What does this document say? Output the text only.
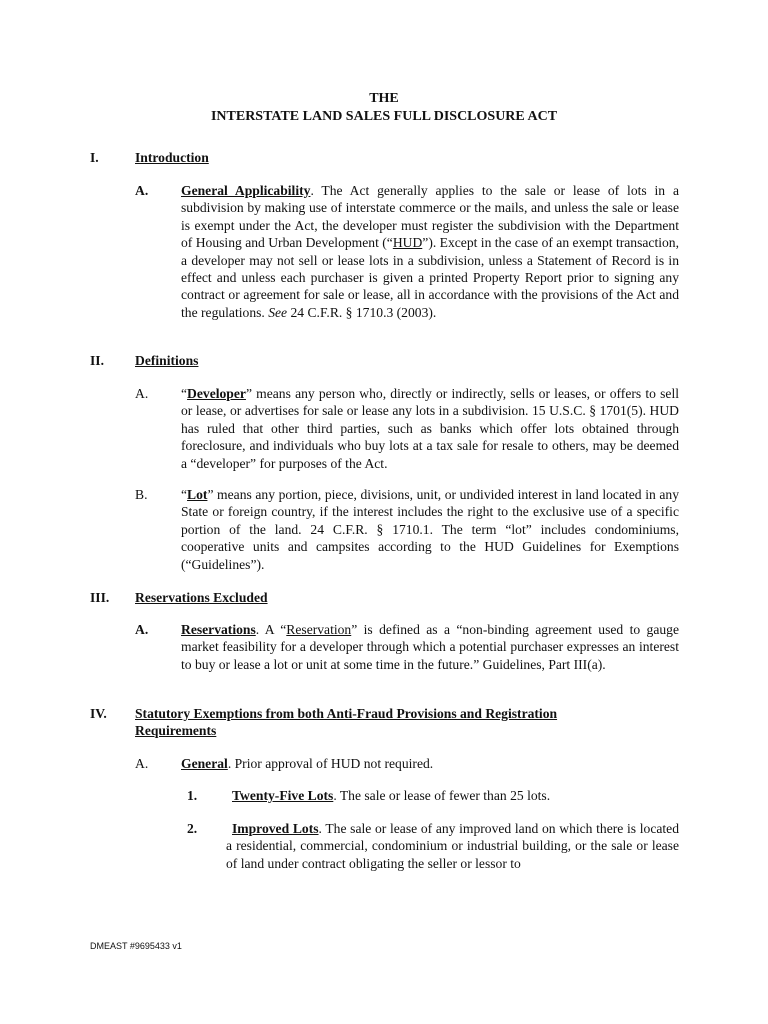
THE
INTERSTATE LAND SALES FULL DISCLOSURE ACT
I.	Introduction
A. General Applicability. The Act generally applies to the sale or lease of lots in a subdivision by making use of interstate commerce or the mails, and unless the sale or lease is exempt under the Act, the developer must register the subdivision with the Department of Housing and Urban Development (“HUD”). Except in the case of an exempt transaction, a developer may not sell or lease lots in a subdivision, unless a Statement of Record is in effect and unless each purchaser is given a printed Property Report prior to signing any contract or agreement for sale or lease, all in accordance with the provisions of the Act and the regulations. See 24 C.F.R. § 1710.3 (2003).
II. Definitions
A. “Developer” means any person who, directly or indirectly, sells or leases, or offers to sell or lease, or advertises for sale or lease any lots in a subdivision. 15 U.S.C. § 1701(5). HUD has ruled that other third parties, such as banks which offer lots obtained through foreclosure, and individuals who buy lots at a tax sale for resale to others, may be deemed a “developer” for purposes of the Act.
B. “Lot” means any portion, piece, divisions, unit, or undivided interest in land located in any State or foreign country, if the interest includes the right to the exclusive use of a specific portion of the land. 24 C.F.R. § 1710.1. The term “lot” includes condominiums, cooperative units and campsites according to the HUD Guidelines for Exemptions (“Guidelines”).
III. Reservations Excluded
A. Reservations. A “Reservation” is defined as a “non-binding agreement used to gauge market feasibility for a developer through which a potential purchaser expresses an interest to buy or lease a lot or unit at some time in the future.” Guidelines, Part III(a).
IV. Statutory Exemptions from both Anti-Fraud Provisions and Registration Requirements
A. General. Prior approval of HUD not required.
1.	Twenty-Five Lots. The sale or lease of fewer than 25 lots.
2.	Improved Lots. The sale or lease of any improved land on which there is located a residential, commercial, condominium or industrial building, or the sale or lease of land under contract obligating the seller or lessor to
DMEAST #9695433 v1
